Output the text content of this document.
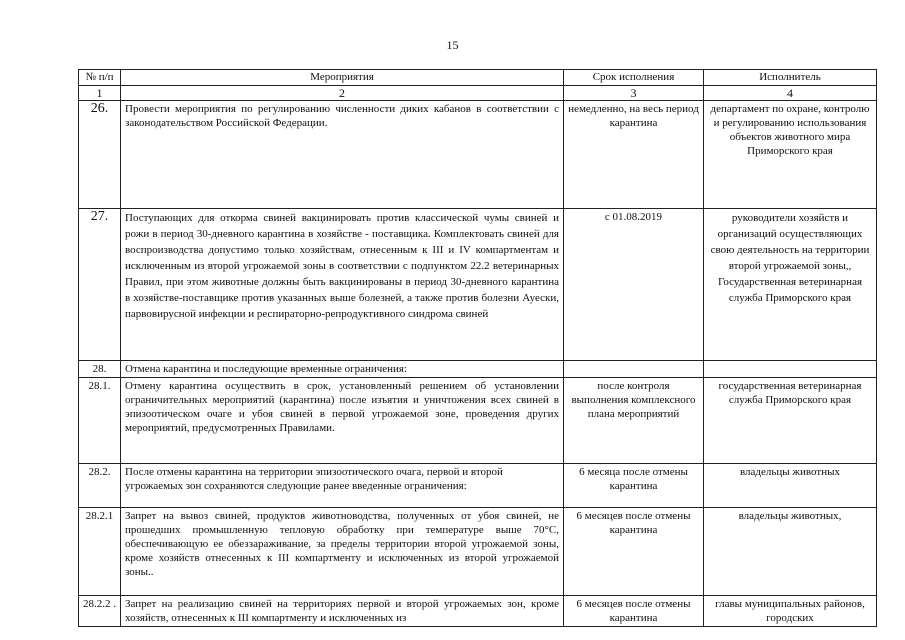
15
№ п/п	Мероприятия	Срок исполнения	Исполнитель
1	2	3	4
26.	Провести мероприятия по регулированию численности диких кабанов в соответствии с законодательством Российской Федерации.	немедленно, на весь период карантина	департамент по охране, контролю и регулированию использования объектов животного мира Приморского края
27.	Поступающих для откорма свиней вакцинировать против классической чумы свиней и рожи в период 30-дневного карантина в хозяйстве - поставщика. Комплектовать свиней для воспроизводства допустимо только хозяйствам, отнесенным к III и IV компартментам и исключенным из второй угрожаемой зоны в соответствии с подпунктом 22.2 ветеринарных Правил, при этом животные должны быть вакцинированы в период 30-дневного карантина в хозяйстве-поставщике против указанных выше болезней, а также против болезни Ауески, парвовирусной инфекции и респираторно-репродуктивного синдрома свиней	с 01.08.2019	руководители хозяйств и организаций осуществляющих свою деятельность на территории второй угрожаемой зоны,, Государственная ветеринарная служба Приморского края
28.	Отмена карантина и последующие временные ограничения:		
28.1.	Отмену карантина осуществить в срок, установленный решением об установлении ограничительных мероприятий (карантина) после изъятия и уничтожения всех свиней в эпизоотическом очаге и убоя свиней в первой угрожаемой зоне, проведения других мероприятий, предусмотренных Правилами.	после контроля выполнения комплексного плана мероприятий	государственная ветеринарная служба Приморского края
28.2.	После отмены карантина на территории эпизоотического очага, первой и второй угрожаемых зон сохраняются следующие ранее введенные ограничения:	6 месяца после отмены карантина	владельцы животных
28.2.1	Запрет на вывоз свиней, продуктов животноводства, полученных от убоя свиней, не прошедших промышленную тепловую обработку при температуре выше 70°С, обеспечивающую ее обеззараживание, за пределы территории второй угрожаемой зоны, кроме хозяйств отнесенных к III компартменту и исключенных из второй угрожаемой зоны..	6 месяцев после отмены карантина	владельцы животных,
28.2.2 .	Запрет на реализацию свиней на территориях первой и второй угрожаемых зон, кроме хозяйств, отнесенных к III компартменту и исключенных из	6 месяцев после отмены карантина	главы муниципальных районов, городских
